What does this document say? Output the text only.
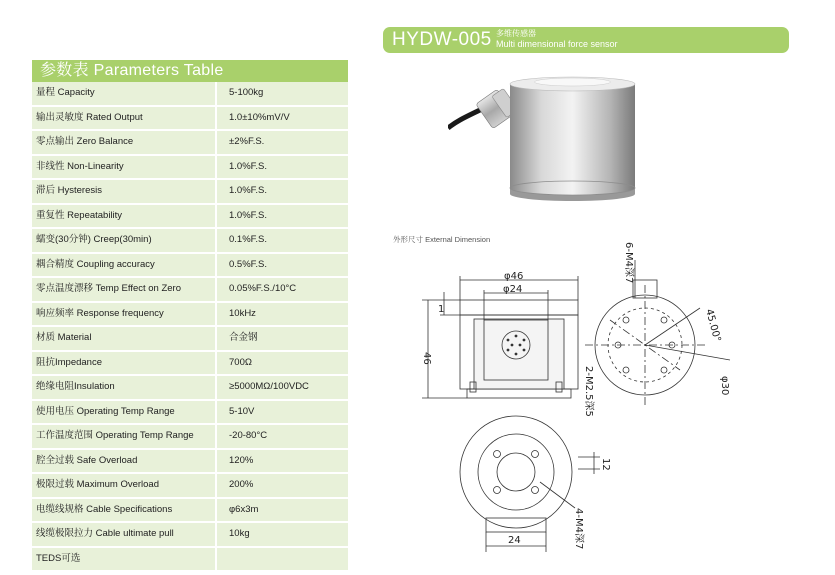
参数表 Parameters Table
量程 Capacity	5-100kg
输出灵敏度 Rated Output	1.0±10%mV/V
零点输出 Zero Balance	±2%F.S.
非线性 Non-Linearity	1.0%F.S.
滞后 Hysteresis	1.0%F.S.
重复性 Repeatability	1.0%F.S.
蠕变(30分钟) Creep(30min)	0.1%F.S.
耦合精度 Coupling accuracy	0.5%F.S.
零点温度漂移 Temp Effect on Zero	0.05%F.S./10°C
响应频率 Response frequency	10kHz
材质 Material	合金钢
阻抗Impedance	700Ω
绝缘电阻Insulation	≥5000MΩ/100VDC
使用电压 Operating Temp Range	5-10V
工作温度范围 Operating Temp Range	-20-80°C
腔全过载 Safe Overload	120%
极限过载 Maximum Overload	200%
电缆线规格 Cable Specifications	φ6x3m
线缆极限拉力 Cable ultimate pull	10kg
TEDS可选
HYDW-005 多维传感器
Multi dimensional force sensor
外形尺寸 External Dimension
φ46
φ24
1
46
6-M4深7
45.00°
φ30
2-M2.5深5
12
4-M4深7
24
